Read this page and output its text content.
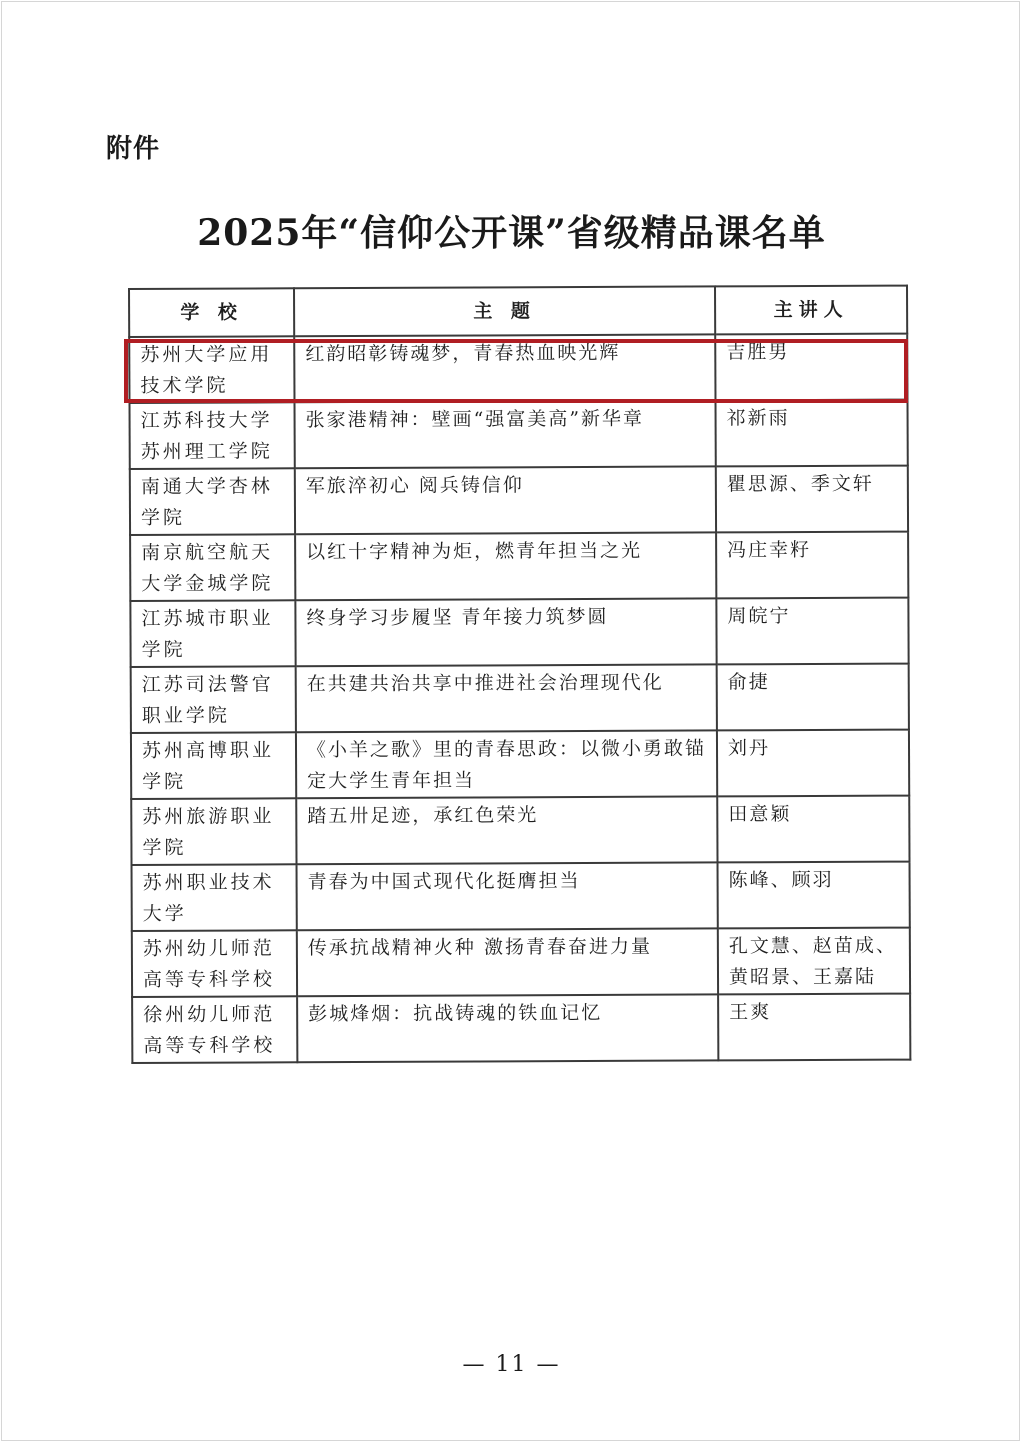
附件
2025年“信仰公开课”省级精品课名单
学 校	主 题	主讲人
苏州大学应用技术学院	红韵昭彰铸魂梦，青春热血映光辉	吉胜男
江苏科技大学苏州理工学院	张家港精神：壁画“强富美高”新华章	祁新雨
南通大学杏林学院	军旅淬初心 阅兵铸信仰	瞿思源、季文轩
南京航空航天大学金城学院	以红十字精神为炬，燃青年担当之光	冯庄幸籽
江苏城市职业学院	终身学习步履坚 青年接力筑梦圆	周皖宁
江苏司法警官职业学院	在共建共治共享中推进社会治理现代化	俞捷
苏州高博职业学院	《小羊之歌》里的青春思政：以微小勇敢锚定大学生青年担当	刘丹
苏州旅游职业学院	踏五卅足迹，承红色荣光	田意颖
苏州职业技术大学	青春为中国式现代化挺膺担当	陈峰、顾羽
苏州幼儿师范高等专科学校	传承抗战精神火种 激扬青春奋进力量	孔文慧、赵苗成、黄昭景、王嘉陆
徐州幼儿师范高等专科学校	彭城烽烟：抗战铸魂的铁血记忆	王爽
— 11 —
